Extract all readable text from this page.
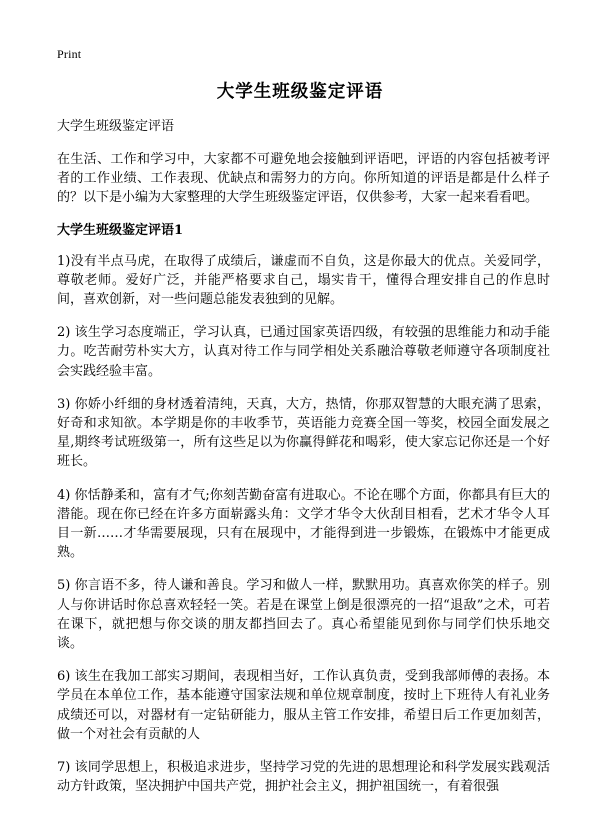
Print
大学生班级鉴定评语
大学生班级鉴定评语
在生活、工作和学习中，大家都不可避免地会接触到评语吧，评语的内容包括被考评者的工作业绩、工作表现、优缺点和需努力的方向。你所知道的评语是都是什么样子的？以下是小编为大家整理的大学生班级鉴定评语，仅供参考，大家一起来看看吧。
大学生班级鉴定评语1
1)没有半点马虎，在取得了成绩后，谦虚而不自负，这是你最大的优点。关爱同学，尊敬老师。爱好广泛，并能严格要求自己，塌实肯干，懂得合理安排自己的作息时间，喜欢创新，对一些问题总能发表独到的见解。
2) 该生学习态度端正，学习认真，已通过国家英语四级，有较强的思维能力和动手能力。吃苦耐劳朴实大方，认真对待工作与同学相处关系融洽尊敬老师遵守各项制度社会实践经验丰富。
3) 你娇小纤细的身材透着清纯，天真，大方，热情，你那双智慧的大眼充满了思索，好奇和求知欲。本学期是你的丰收季节，英语能力竞赛全国一等奖，校园全面发展之星,期终考试班级第一，所有这些足以为你赢得鲜花和喝彩，使大家忘记你还是一个好班长。
4) 你恬静柔和，富有才气;你刻苦勤奋富有进取心。不论在哪个方面，你都具有巨大的潜能。现在你已经在许多方面崭露头角：文学才华令大伙刮目相看，艺术才华令人耳目一新……才华需要展现，只有在展现中，才能得到进一步锻炼，在锻炼中才能更成熟。
5) 你言语不多，待人谦和善良。学习和做人一样，默默用功。真喜欢你笑的样子。别人与你讲话时你总喜欢轻轻一笑。若是在课堂上倒是很漂亮的一招“退敌”之术，可若在课下，就把想与你交谈的朋友都挡回去了。真心希望能见到你与同学们快乐地交谈。
6) 该生在我加工部实习期间，表现相当好，工作认真负责，受到我部师傅的表扬。本学员在本单位工作，基本能遵守国家法规和单位规章制度，按时上下班待人有礼业务成绩还可以，对器材有一定钻研能力，服从主管工作安排，希望日后工作更加刻苦，做一个对社会有贡献的人
7) 该同学思想上，积极追求进步，坚持学习党的先进的思想理论和科学发展实践观活动方针政策，坚决拥护中国共产党，拥护社会主义，拥护祖国统一，有着很强
